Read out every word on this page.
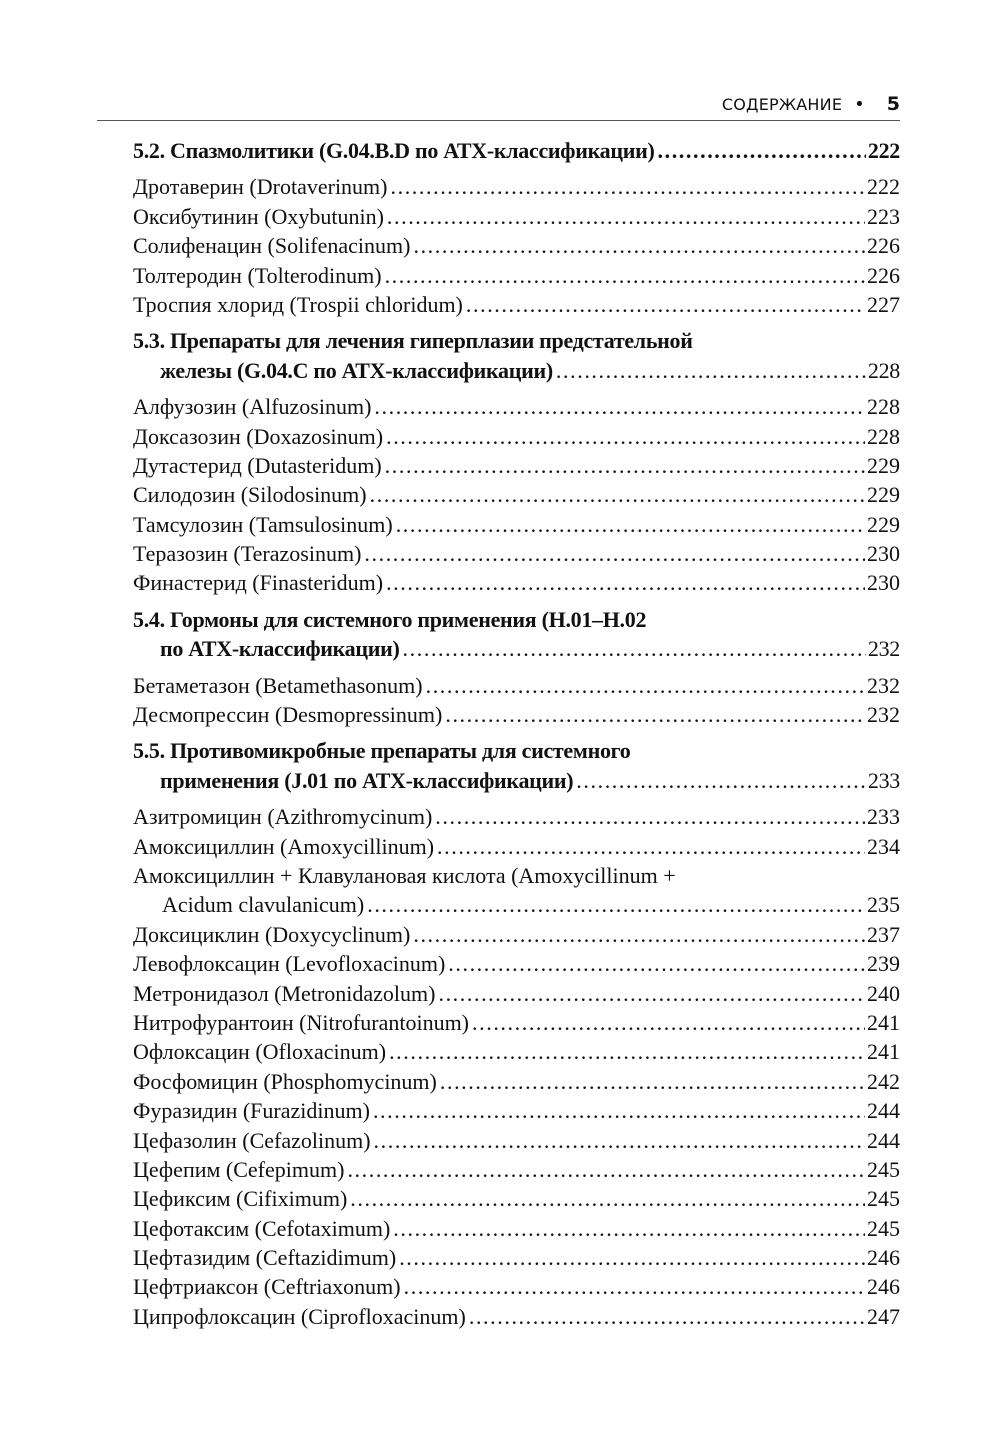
СОДЕРЖАНИЕ • 5
5.2. Спазмолитики (G.04.B.D по АТХ-классификации) .....	222
Дротаверин (Drotaverinum) .....	222
Оксибутинин (Oxybutunin) .....	223
Солифенацин (Solifenacinum) .....	226
Толтеродин (Tolterodinum) .....	226
Троспия хлорид (Trospii chloridum) .....	227
5.3. Препараты для лечения гиперплазии предстательной
железы (G.04.C по АТХ-классификации) .....	228
Алфузозин (Alfuzosinum) .....	228
Доксазозин (Doxazosinum) .....	228
Дутастерид (Dutasteridum) .....	229
Силодозин (Silodosinum) .....	229
Тамсулозин (Tamsulosinum) .....	229
Теразозин (Terazosinum) .....	230
Финастерид (Finasteridum) .....	230
5.4. Гормоны для системного применения (H.01–H.02
по АТХ-классификации) .....	232
Бетаметазон (Betamethasonum) .....	232
Десмопрессин (Desmopressinum) .....	232
5.5. Противомикробные препараты для системного
применения (J.01 по АТХ-классификации) .....	233
Азитромицин (Azithromycinum) .....	233
Амоксициллин (Amoxycillinum) .....	234
Амоксициллин + Клавулановая кислота (Amoxycillinum +
Acidum clavulanicum) .....	235
Доксициклин (Doxycyclinum) .....	237
Левофлоксацин (Levofloxacinum) .....	239
Метронидазол (Metronidazolum) .....	240
Нитрофурантоин (Nitrofurantoinum) .....	241
Офлоксацин (Ofloxacinum) .....	241
Фосфомицин (Phosphomycinum) .....	242
Фуразидин (Furazidinum) .....	244
Цефазолин (Cefazolinum) .....	244
Цефепим (Cefepimum) .....	245
Цефиксим (Cifiximum) .....	245
Цефотаксим (Cefotaximum) .....	245
Цефтазидим (Ceftazidimum) .....	246
Цефтриаксон (Ceftriaxonum) .....	246
Ципрофлоксацин (Ciprofloxacinum) .....	247
